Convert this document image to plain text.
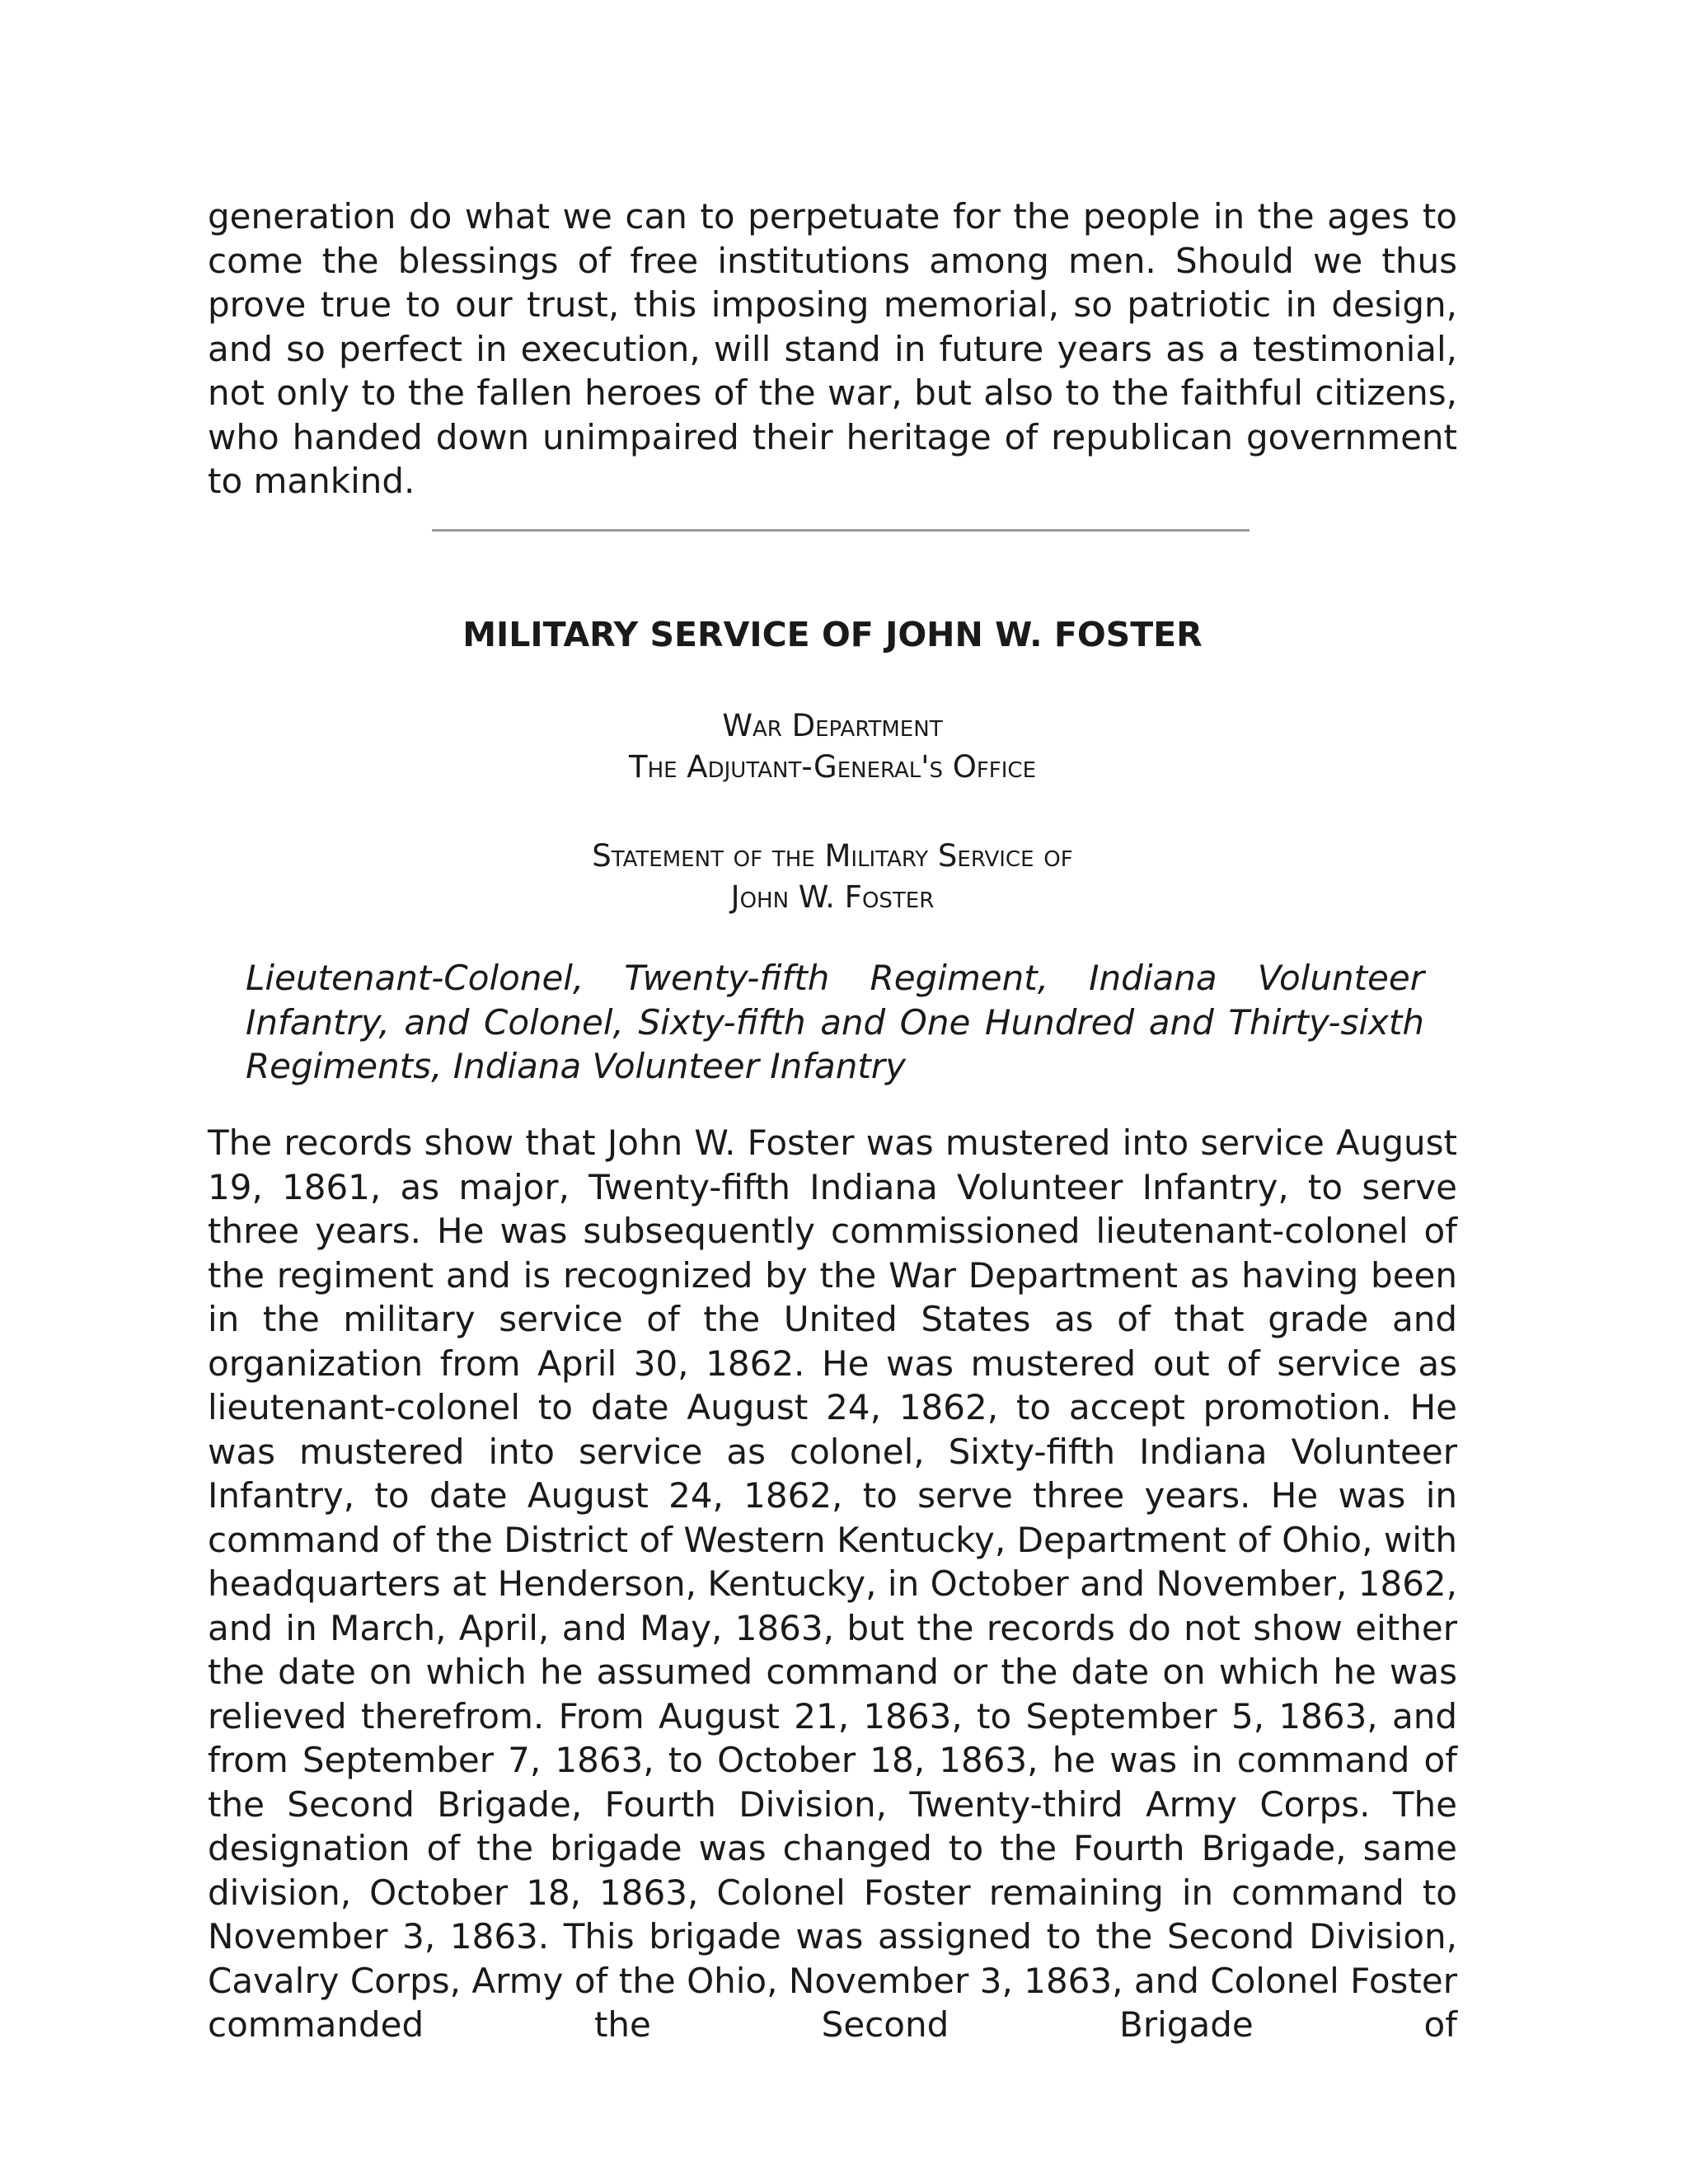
generation do what we can to perpetuate for the people in the ages to come the blessings of free institutions among men. Should we thus prove true to our trust, this imposing memorial, so patriotic in design, and so perfect in execution, will stand in future years as a testimonial, not only to the fallen heroes of the war, but also to the faithful citizens, who handed down unimpaired their heritage of republican government to mankind.

MILITARY SERVICE OF JOHN W. FOSTER
War Department
The Adjutant-General's Office
Statement of the Military Service of
John W. Foster

Lieutenant-Colonel, Twenty-fifth Regiment, Indiana Volunteer Infantry, and Colonel, Sixty-fifth and One Hundred and Thirty-sixth Regiments, Indiana Volunteer Infantry

The records show that John W. Foster was mustered into service August 19, 1861, as major, Twenty-fifth Indiana Volunteer Infantry, to serve three years. He was subsequently commissioned lieutenant-colonel of the regiment and is recognized by the War Department as having been in the military service of the United States as of that grade and organization from April 30, 1862. He was mustered out of service as lieutenant-colonel to date August 24, 1862, to accept promotion. He was mustered into service as colonel, Sixty-fifth Indiana Volunteer Infantry, to date August 24, 1862, to serve three years. He was in command of the District of Western Kentucky, Department of Ohio, with headquarters at Henderson, Kentucky, in October and November, 1862, and in March, April, and May, 1863, but the records do not show either the date on which he assumed command or the date on which he was relieved therefrom. From August 21, 1863, to September 5, 1863, and from September 7, 1863, to October 18, 1863, he was in command of the Second Brigade, Fourth Division, Twenty-third Army Corps. The designation of the brigade was changed to the Fourth Brigade, same division, October 18, 1863, Colonel Foster remaining in command to November 3, 1863. This brigade was assigned to the Second Division, Cavalry Corps, Army of the Ohio, November 3, 1863, and Colonel Foster commanded the Second Brigade of
